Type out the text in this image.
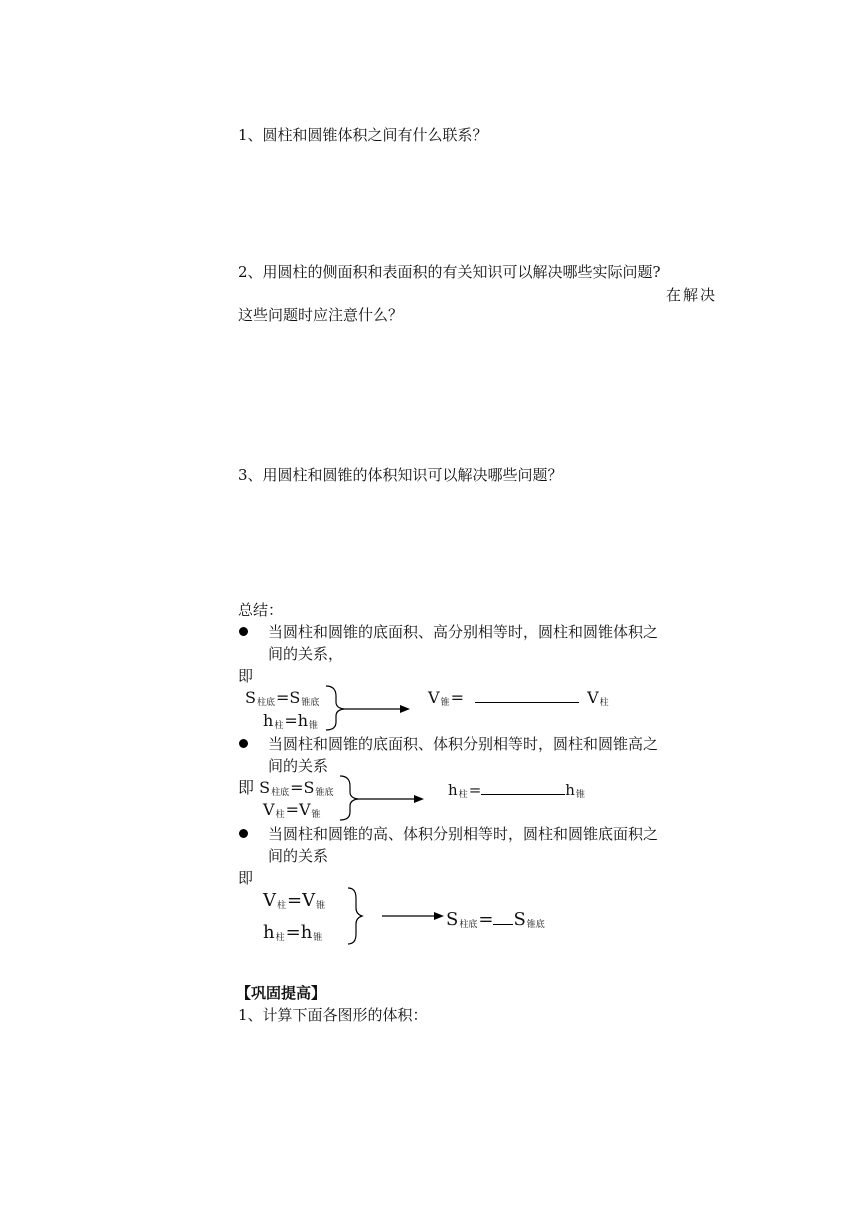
1、圆柱和圆锥体积之间有什么联系？
2、用圆柱的侧面积和表面积的有关知识可以解决哪些实际问题?
在解决
这些问题时应注意什么？
3、用圆柱和圆锥的体积知识可以解决哪些问题？
总结：
当圆柱和圆锥的底面积、高分别相等时，圆柱和圆锥体积之
间的关系，
即
S柱底=S锥底
h柱=h锥
V锥=	V柱
当圆柱和圆锥的底面积、体积分别相等时，圆柱和圆锥高之
间的关系
即 S柱底=S锥底
V柱=V锥
h柱=	h锥
当圆柱和圆锥的高、体积分别相等时，圆柱和圆锥底面积之
间的关系
即
V柱=V锥
h柱=h锥
S柱底= S锥底
【巩固提高】
1、计算下面各图形的体积：
